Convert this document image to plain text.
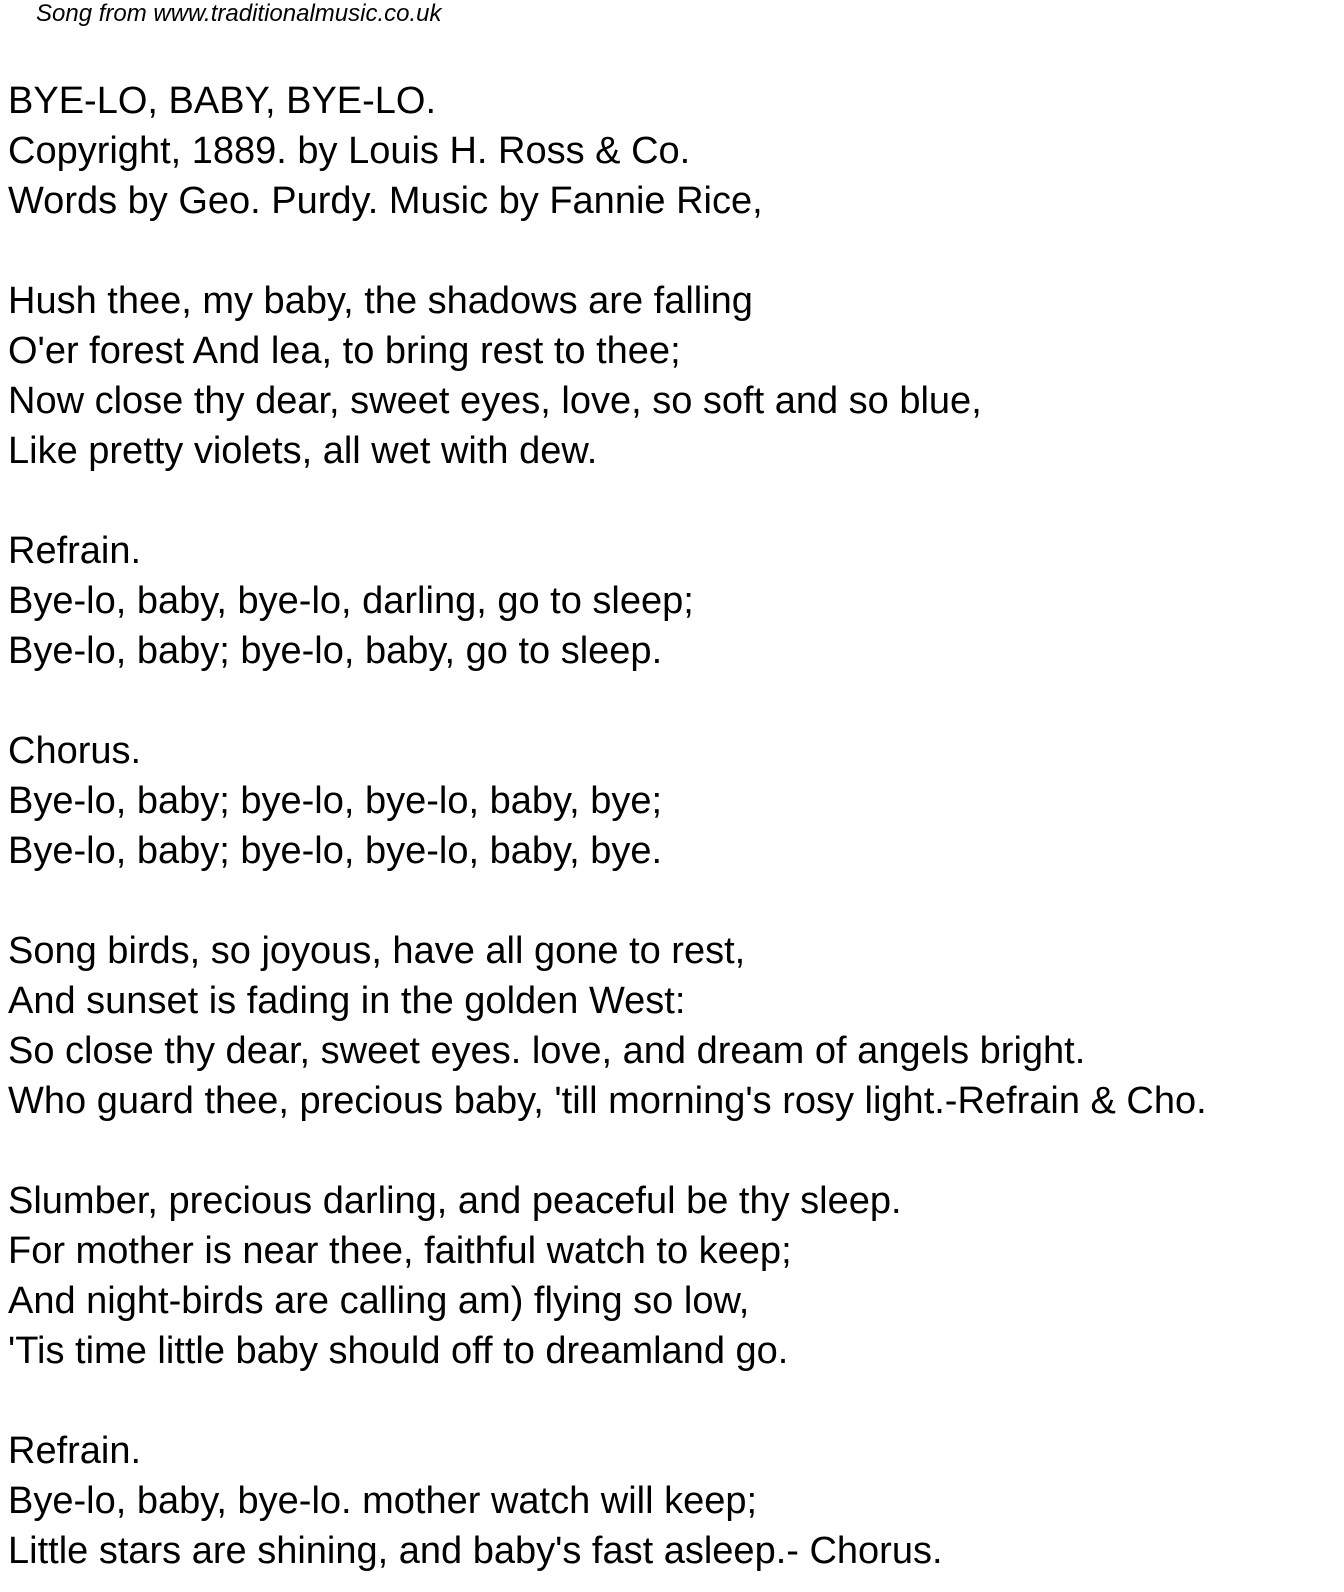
Song from www.traditionalmusic.co.uk
BYE-LO, BABY, BYE-LO.
Copyright, 1889. by Louis H. Ross & Co.
Words by Geo. Purdy. Music by Fannie Rice,
Hush thee, my baby, the shadows are falling
O'er forest And lea, to bring rest to thee;
Now close thy dear, sweet eyes, love, so soft and so blue,
Like pretty violets, all wet with dew.
Refrain.
Bye-lo, baby, bye-lo, darling, go to sleep;
Bye-lo, baby; bye-lo, baby, go to sleep.
Chorus.
Bye-lo, baby; bye-lo, bye-lo, baby, bye;
Bye-lo, baby; bye-lo, bye-lo, baby, bye.
Song birds, so joyous, have all gone to rest,
And sunset is fading in the golden West:
So close thy dear, sweet eyes. love, and dream of angels bright.
Who guard thee, precious baby, 'till morning's rosy light.-Refrain & Cho.
Slumber, precious darling, and peaceful be thy sleep.
For mother is near thee, faithful watch to keep;
And night-birds are calling am) flying so low,
'Tis time little baby should off to dreamland go.
Refrain.
Bye-lo, baby, bye-lo. mother watch will keep;
Little stars are shining, and baby's fast asleep.- Chorus.
